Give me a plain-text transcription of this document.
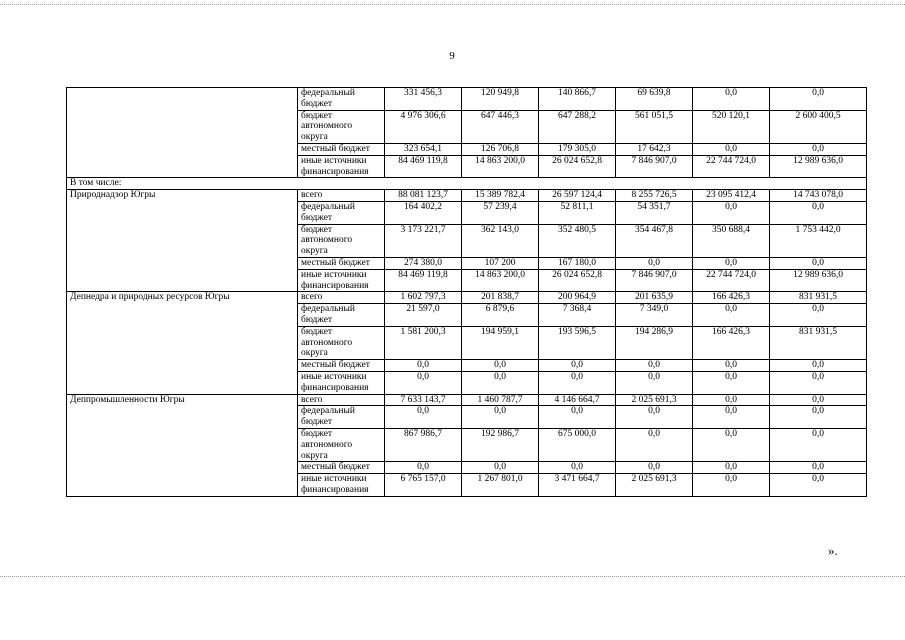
9
	федеральный бюджет	331 456,3	120 949,8	140 866,7	69 639,8	0,0	0,0
	бюджет автономного округа	4 976 306,6	647 446,3	647 288,2	561 051,5	520 120,1	2 600 400,5
	местный бюджет	323 654,1	126 706,8	179 305,0	17 642,3	0,0	0,0
	иные источники финансирования	84 469 119,8	14 863 200,0	26 024 652,8	7 846 907,0	22 744 724,0	12 989 636,0
В том числе:							
Природнадзор Югры	всего	88 081 123,7	15 389 782,4	26 597 124,4	8 255 726,5	23 095 412,4	14 743 078,0
	федеральный бюджет	164 402,2	57 239,4	52 811,1	54 351,7	0,0	0,0
	бюджет автономного округа	3 173 221,7	362 143,0	352 480,5	354 467,8	350 688,4	1 753 442,0
	местный бюджет	274 380,0	107 200	167 180,0	0,0	0,0	0,0
	иные источники финансирования	84 469 119,8	14 863 200,0	26 024 652,8	7 846 907,0	22 744 724,0	12 989 636,0
Депнедра и природных ресурсов Югры	всего	1 602 797,3	201 838,7	200 964,9	201 635,9	166 426,3	831 931,5
	федеральный бюджет	21 597,0	6 879,6	7 368,4	7 349,0	0,0	0,0
	бюджет автономного округа	1 581 200,3	194 959,1	193 596,5	194 286,9	166 426,3	831 931,5
	местный бюджет	0,0	0,0	0,0	0,0	0,0	0,0
	иные источники финансирования	0,0	0,0	0,0	0,0	0,0	0,0
Деппромышленности Югры	всего	7 633 143,7	1 460 787,7	4 146 664,7	2 025 691,3	0,0	0,0
	федеральный бюджет	0,0	0,0	0,0	0,0	0,0	0,0
	бюджет автономного округа	867 986,7	192 986,7	675 000,0	0,0	0,0	0,0
	местный бюджет	0,0	0,0	0,0	0,0	0,0	0,0
	иные источники финансирования	6 765 157,0	1 267 801,0	3 471 664,7	2 025 691,3	0,0	0,0
».
